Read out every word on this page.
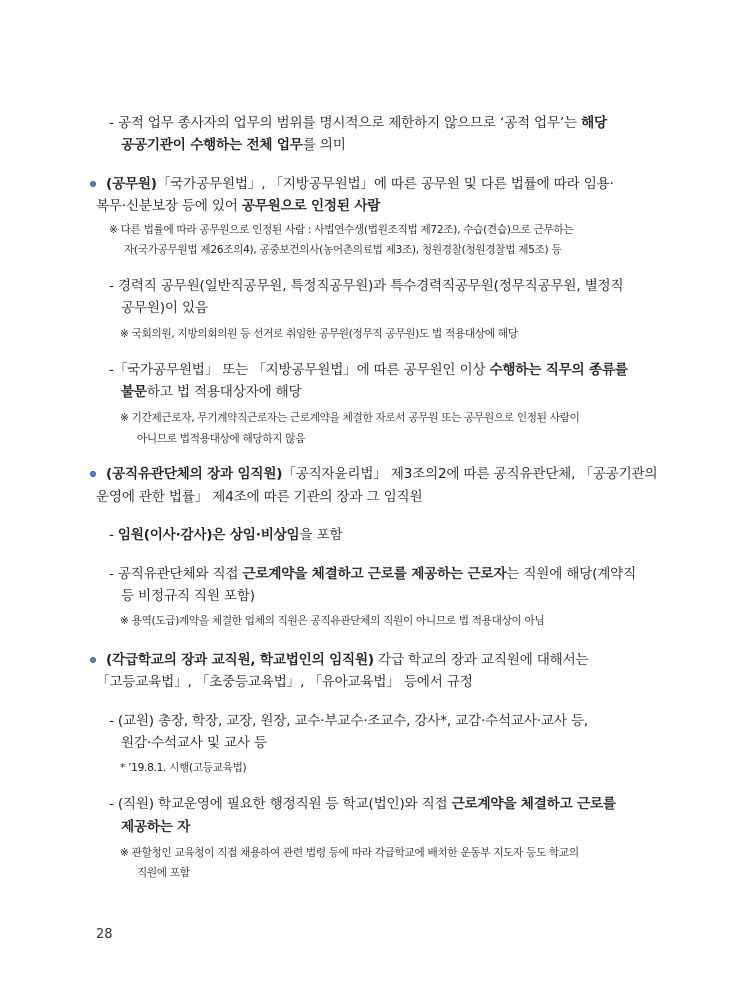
- 공적 업무 종사자의 업무의 범위를 명시적으로 제한하지 않으므로 ‘공적 업무’는 해당
공공기관이 수행하는 전체 업무를 의미
(공무원)「국가공무원법」, 「지방공무원법」에 따른 공무원 및 다른 법률에 따라 임용·
복무·신분보장 등에 있어 공무원으로 인정된 사람
※ 다른 법률에 따라 공무원으로 인정된 사람 : 사법연수생(법원조직법 제72조), 수습(견습)으로 근무하는
자(국가공무원법 제26조의4), 공중보건의사(농어촌의료법 제3조), 청원경찰(청원경찰법 제5조) 등
- 경력직 공무원(일반직공무원, 특정직공무원)과 특수경력직공무원(정무직공무원, 별정직
공무원)이 있음
※ 국회의원, 지방의회의원 등 선거로 취임한 공무원(정무직 공무원)도 법 적용대상에 해당
-「국가공무원법」 또는 「지방공무원법」에 따른 공무원인 이상 수행하는 직무의 종류를
불문하고 법 적용대상자에 해당
※ 기간제근로자, 무기계약직근로자는 근로계약을 체결한 자로서 공무원 또는 공무원으로 인정된 사람이
아니므로 법적용대상에 해당하지 않음
(공직유관단체의 장과 임직원)「공직자윤리법」 제3조의2에 따른 공직유관단체, 「공공기관의
운영에 관한 법률」 제4조에 따른 기관의 장과 그 임직원
- 임원(이사·감사)은 상임·비상임을 포함
- 공직유관단체와 직접 근로계약을 체결하고 근로를 제공하는 근로자는 직원에 해당(계약직
등 비정규직 직원 포함)
※ 용역(도급)계약을 체결한 업체의 직원은 공직유관단체의 직원이 아니므로 법 적용대상이 아님
(각급학교의 장과 교직원, 학교법인의 임직원) 각급 학교의 장과 교직원에 대해서는
「고등교육법」, 「초중등교육법」, 「유아교육법」 등에서 규정
- (교원) 총장, 학장, 교장, 원장, 교수·부교수·조교수, 강사*, 교감·수석교사·교사 등,
원감·수석교사 및 교사 등
* ’19.8.1. 시행(고등교육법)
- (직원) 학교운영에 필요한 행정직원 등 학교(법인)와 직접 근로계약을 체결하고 근로를
제공하는 자
※ 관할청인 교육청이 직접 채용하여 관련 법령 등에 따라 각급학교에 배치한 운동부 지도자 등도 학교의
직원에 포함
28
